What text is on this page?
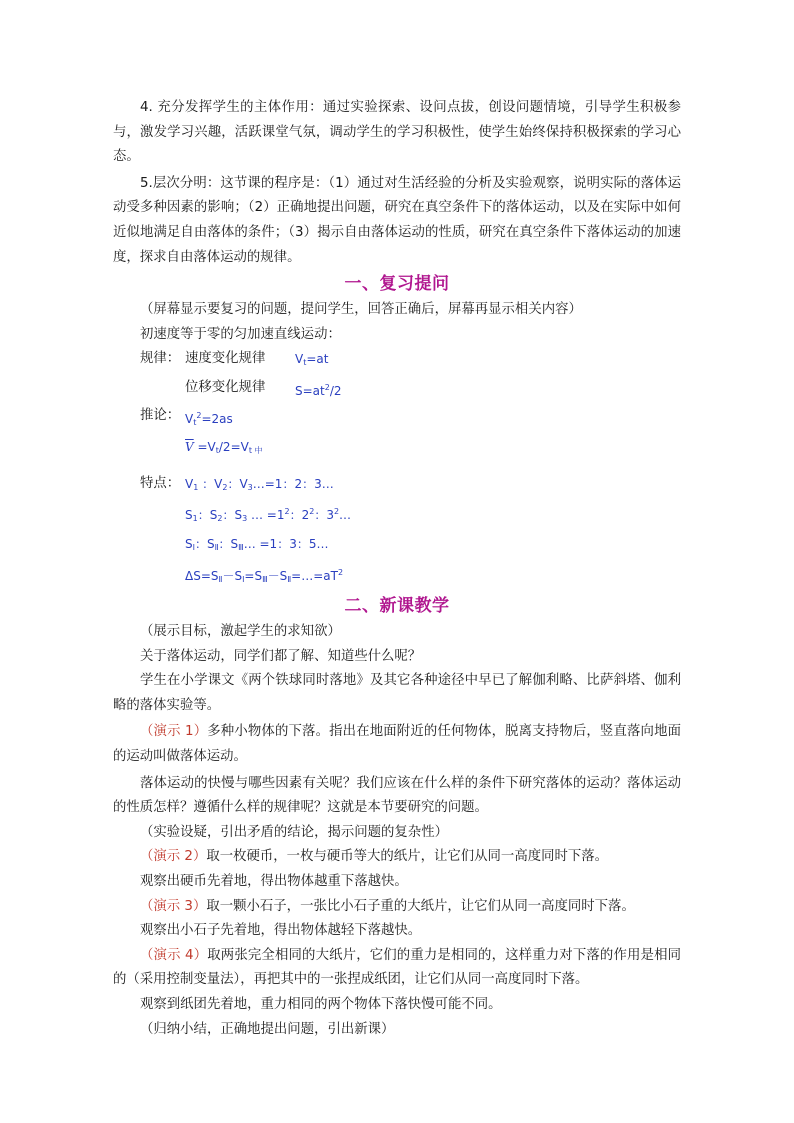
4. 充分发挥学生的主体作用：通过实验探索、设问点拔，创设问题情境，引导学生积极参与，激发学习兴趣，活跃课堂气氛，调动学生的学习积极性，使学生始终保持积极探索的学习心态。

5.层次分明：这节课的程序是：（1）通过对生活经验的分析及实验观察，说明实际的落体运动受多种因素的影响；（2）正确地提出问题，研究在真空条件下的落体运动，以及在实际中如何近似地满足自由落体的条件；（3）揭示自由落体运动的性质，研究在真空条件下落体运动的加速度，探求自由落体运动的规律。

一、复习提问

（屏幕显示要复习的问题，提问学生，回答正确后，屏幕再显示相关内容）

初速度等于零的匀加速直线运动：

规律： 速度变化规律	$V_t=at$
位移变化规律	$S=at^2/2$
推论： $V_t^2=2as$
$\overline{V} =V_t/2=V_{t 中}$
特点： $V_1$ ：$V_2$：$V_3\dots=1$：2：3…
$S_1$：$S_2$：$S_3$ … $=1^2$：$2^2$：$3^2\dots$
$S_Ⅰ$：$S_Ⅱ$：$S_Ⅲ\dots =1$：3：5…
$\Delta S=S_Ⅱ-S_Ⅰ=S_Ⅲ-S_Ⅱ=\dots=aT^2$
二、新课教学

（展示目标，激起学生的求知欲）

关于落体运动，同学们都了解、知道些什么呢？

学生在小学课文《两个铁球同时落地》及其它各种途径中早已了解伽利略、比萨斜塔、伽利略的落体实验等。

（演示 1）多种小物体的下落。指出在地面附近的任何物体，脱离支持物后，竖直落向地面的运动叫做落体运动。

落体运动的快慢与哪些因素有关呢？我们应该在什么样的条件下研究落体的运动？落体运动的性质怎样？遵循什么样的规律呢？这就是本节要研究的问题。

（实验设疑，引出矛盾的结论，揭示问题的复杂性）

（演示 2）取一枚硬币，一枚与硬币等大的纸片，让它们从同一高度同时下落。

观察出硬币先着地，得出物体越重下落越快。

（演示 3）取一颗小石子，一张比小石子重的大纸片，让它们从同一高度同时下落。

观察出小石子先着地，得出物体越轻下落越快。

（演示 4）取两张完全相同的大纸片，它们的重力是相同的，这样重力对下落的作用是相同的（采用控制变量法），再把其中的一张捏成纸团，让它们从同一高度同时下落。

观察到纸团先着地，重力相同的两个物体下落快慢可能不同。

（归纳小结，正确地提出问题，引出新课）
